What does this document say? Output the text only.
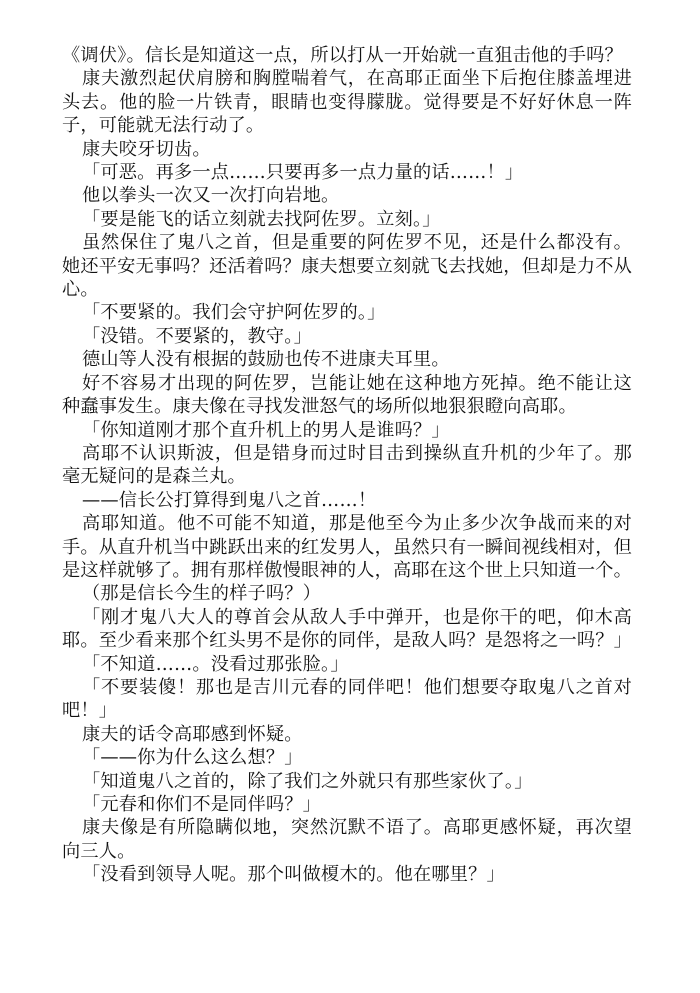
《调伏》。信长是知道这一点，所以打从一开始就一直狙击他的手吗？

康夫激烈起伏肩膀和胸膛喘着气，在高耶正面坐下后抱住膝盖埋进头去。他的脸一片铁青，眼睛也变得朦胧。觉得要是不好好休息一阵子，可能就无法行动了。

康夫咬牙切齿。

「可恶。再多一点……只要再多一点力量的话……！」

他以拳头一次又一次打向岩地。

「要是能飞的话立刻就去找阿佐罗。立刻。」

虽然保住了鬼八之首，但是重要的阿佐罗不见，还是什么都没有。她还平安无事吗？还活着吗？康夫想要立刻就飞去找她，但却是力不从心。

「不要紧的。我们会守护阿佐罗的。」

「没错。不要紧的，教守。」

德山等人没有根据的鼓励也传不进康夫耳里。

好不容易才出现的阿佐罗，岂能让她在这种地方死掉。绝不能让这种蠢事发生。康夫像在寻找发泄怒气的场所似地狠狠瞪向高耶。

「你知道刚才那个直升机上的男人是谁吗？」

高耶不认识斯波，但是错身而过时目击到操纵直升机的少年了。那毫无疑问的是森兰丸。

——信长公打算得到鬼八之首……！

高耶知道。他不可能不知道，那是他至今为止多少次争战而来的对手。从直升机当中跳跃出来的红发男人，虽然只有一瞬间视线相对，但是这样就够了。拥有那样傲慢眼神的人，高耶在这个世上只知道一个。

（那是信长今生的样子吗？）

「刚才鬼八大人的尊首会从敌人手中弹开，也是你干的吧，仰木高耶。至少看来那个红头男不是你的同伴，是敌人吗？是怨将之一吗？」

「不知道……。没看过那张脸。」

「不要装傻！那也是吉川元春的同伴吧！他们想要夺取鬼八之首对吧！」

康夫的话令高耶感到怀疑。

「——你为什么这么想？」

「知道鬼八之首的，除了我们之外就只有那些家伙了。」

「元春和你们不是同伴吗？」

康夫像是有所隐瞒似地，突然沉默不语了。高耶更感怀疑，再次望向三人。

「没看到领导人呢。那个叫做榎木的。他在哪里？」
